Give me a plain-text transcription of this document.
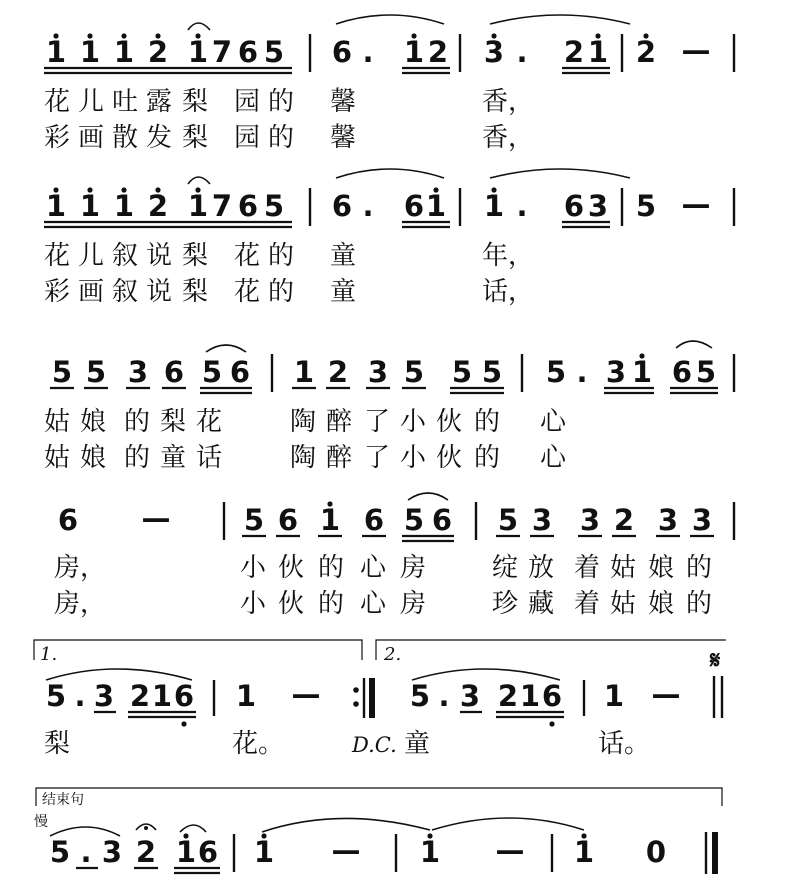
1 1 1 2 1 7 6 5 6 . 1 2 3 . 2 1 2 —
花 儿 吐 露 梨 园 的 馨	香，
彩 画 散 发 梨 园 的 馨	香，
1 1 1 2 1 7 6 5 6 . 6 1 1 . 6 3 5 —
花 儿 叙 说 梨 花 的 童	年，
彩 画 叙 说 梨 花 的 童	话，
5 5 3 6 5 6 1 2 3 5 5 5 5 . 3 1 6 5
姑 娘 的 梨 花	陶 醉 了 小 伙 的 心
姑 娘 的 童 话	陶 醉 了 小 伙 的 心
6 —	5 6 1 6 5 6 5 3 3 2 3 3
房，	小 伙 的 心 房	绽 放 着 姑 娘 的
房，	小 伙 的 心 房	珍 藏 着 姑 娘 的
1.	2.	𝄋
5 . 3 2 1 6 1 —	5 . 3 2 1 6 1 —
梨	花。	D.C. 童	话。
结束句
慢
5 . 3 2 1 6 1 — 1 — 1 0
